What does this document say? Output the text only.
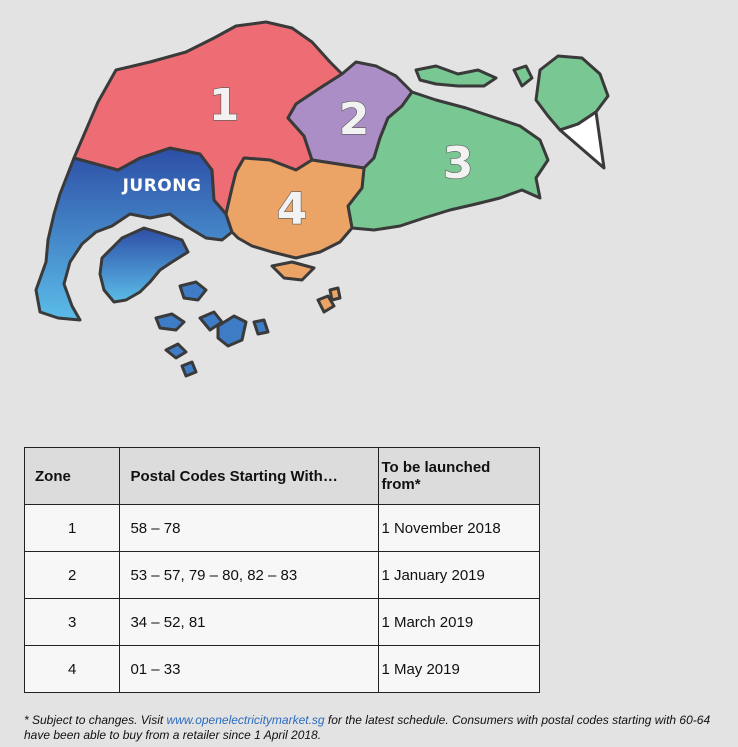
1 2
3
4
JURONG
Zone	Postal Codes Starting With…	To be launched
from*
1	58 – 78	1 November 2018
2	53 – 57, 79 – 80, 82 – 83	1 January 2019
3	34 – 52, 81	1 March 2019
4	01 – 33	1 May 2019
* Subject to changes. Visit www.openelectricitymarket.sg for the latest schedule. Consumers with postal codes starting with 60-64 have been able to buy from a retailer since 1 April 2018.
